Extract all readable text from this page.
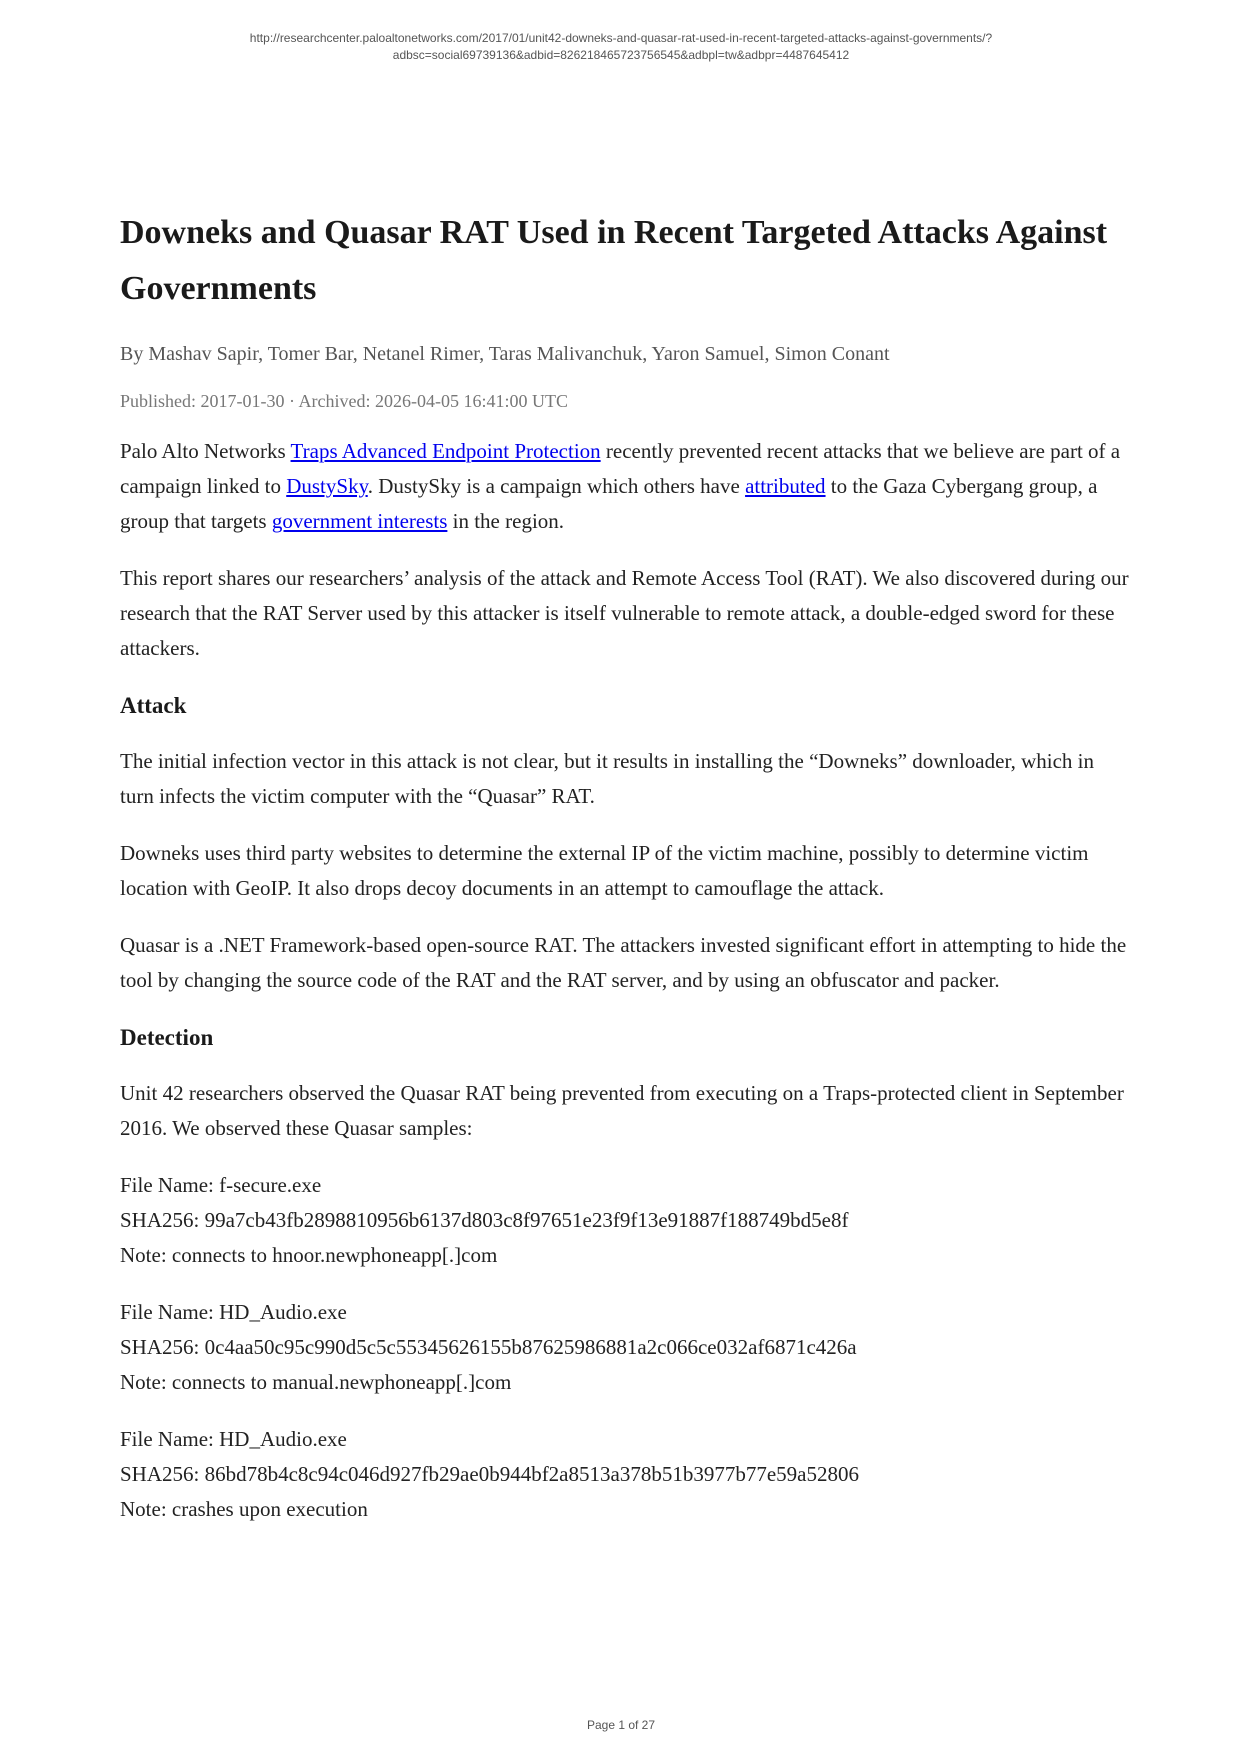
http://researchcenter.paloaltonetworks.com/2017/01/unit42-downeks-and-quasar-rat-used-in-recent-targeted-attacks-against-governments/?
adbsc=social69739136&adbid=826218465723756545&adbpl=tw&adbpr=4487645412
Downeks and Quasar RAT Used in Recent Targeted Attacks Against Governments
By Mashav Sapir, Tomer Bar, Netanel Rimer, Taras Malivanchuk, Yaron Samuel, Simon Conant
Published: 2017-01-30 · Archived: 2026-04-05 16:41:00 UTC

Palo Alto Networks Traps Advanced Endpoint Protection recently prevented recent attacks that we believe are part of a campaign linked to DustySky. DustySky is a campaign which others have attributed to the Gaza Cybergang group, a group that targets government interests in the region.

This report shares our researchers’ analysis of the attack and Remote Access Tool (RAT). We also discovered during our research that the RAT Server used by this attacker is itself vulnerable to remote attack, a double-edged sword for these attackers.

Attack

The initial infection vector in this attack is not clear, but it results in installing the “Downeks” downloader, which in turn infects the victim computer with the “Quasar” RAT.

Downeks uses third party websites to determine the external IP of the victim machine, possibly to determine victim location with GeoIP. It also drops decoy documents in an attempt to camouflage the attack.

Quasar is a .NET Framework-based open-source RAT. The attackers invested significant effort in attempting to hide the tool by changing the source code of the RAT and the RAT server, and by using an obfuscator and packer.

Detection

Unit 42 researchers observed the Quasar RAT being prevented from executing on a Traps-protected client in September 2016. We observed these Quasar samples:

File Name: f-secure.exe
SHA256: 99a7cb43fb2898810956b6137d803c8f97651e23f9f13e91887f188749bd5e8f
Note: connects to hnoor.newphoneapp[.]com
File Name: HD_Audio.exe
SHA256: 0c4aa50c95c990d5c5c55345626155b87625986881a2c066ce032af6871c426a
Note: connects to manual.newphoneapp[.]com
File Name: HD_Audio.exe
SHA256: 86bd78b4c8c94c046d927fb29ae0b944bf2a8513a378b51b3977b77e59a52806
Note: crashes upon execution
Page 1 of 27
